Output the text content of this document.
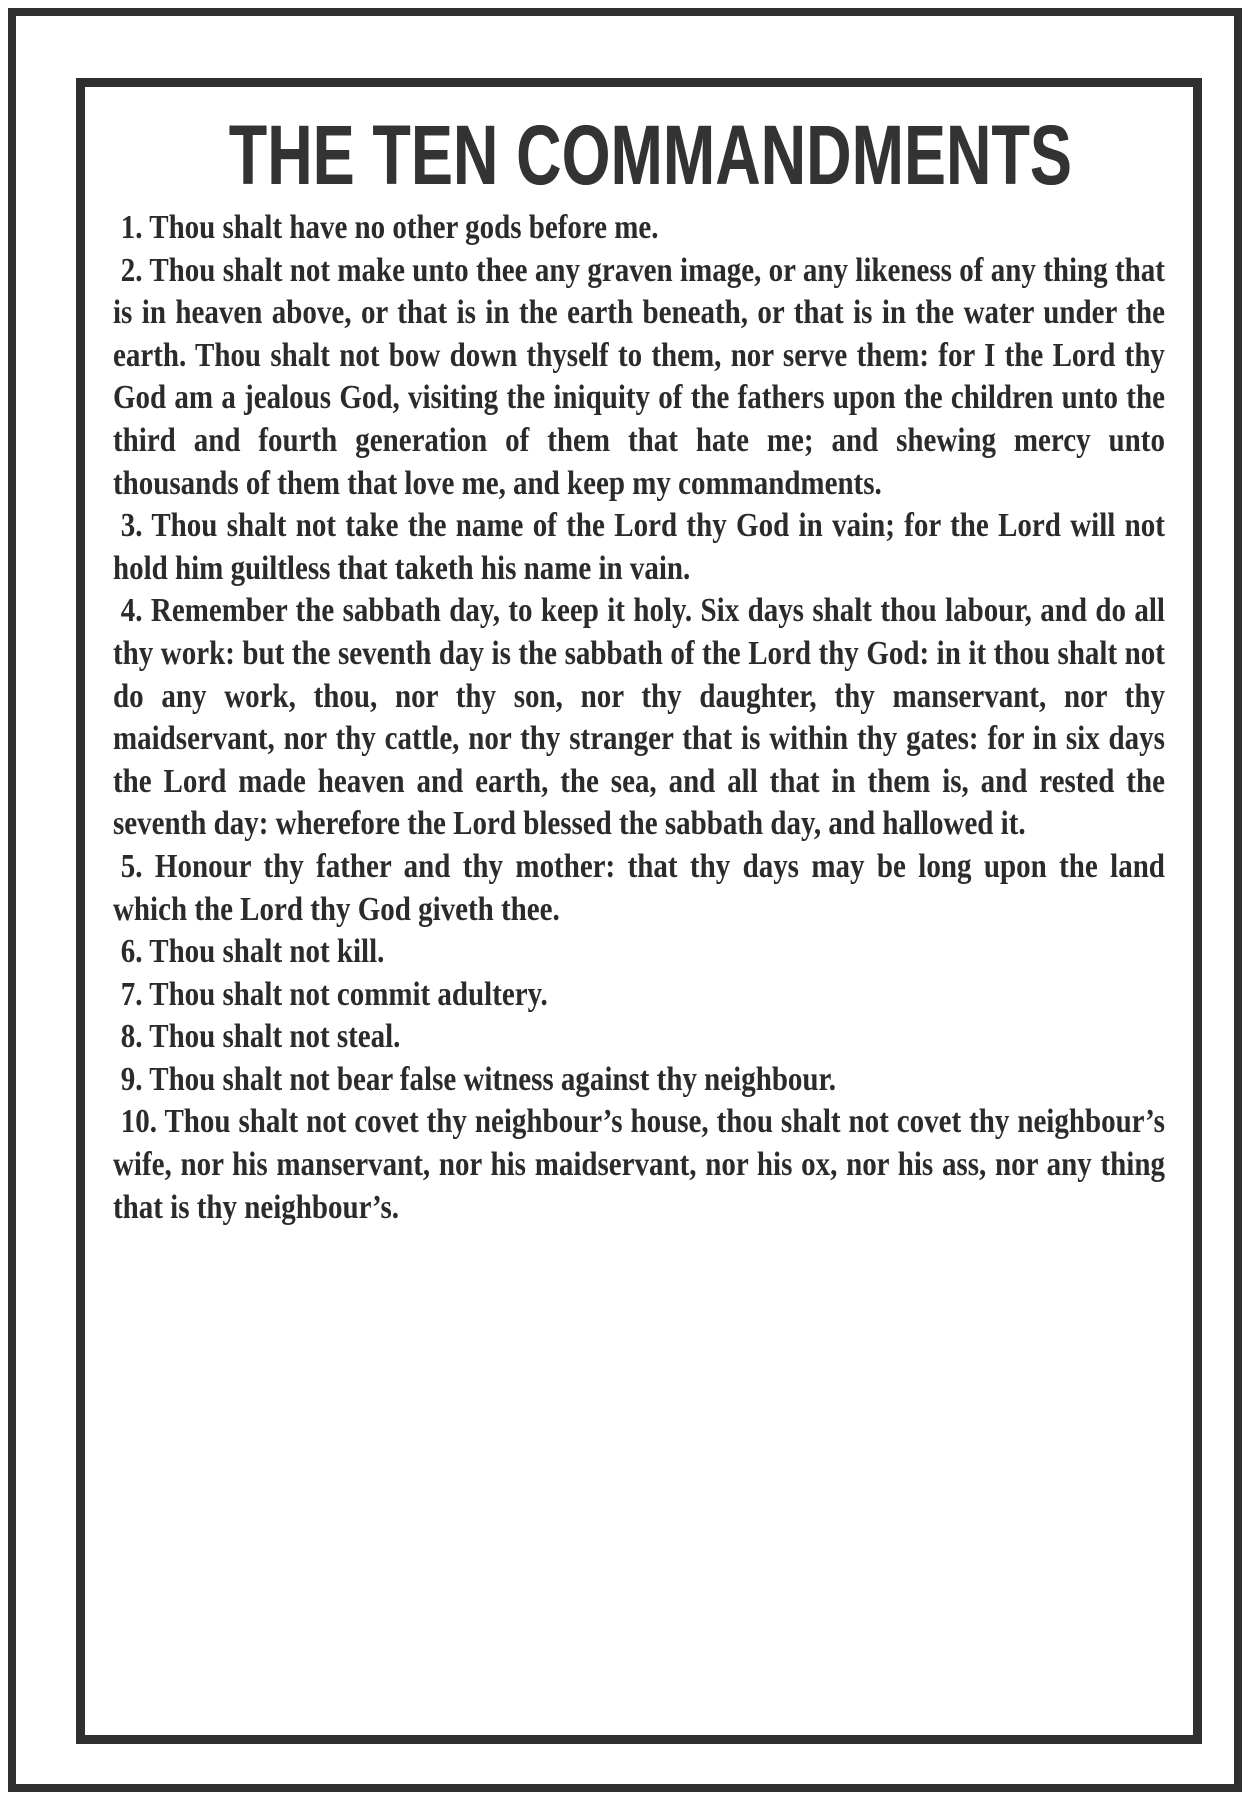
THE TEN COMMANDMENTS
1. Thou shalt have no other gods before me.
2. Thou shalt not make unto thee any graven image, or any likeness of any thing that is in heaven above, or that is in the earth beneath, or that is in the water under the earth. Thou shalt not bow down thyself to them, nor serve them: for I the Lord thy God am a jealous God, visiting the iniquity of the fathers upon the children unto the third and fourth generation of them that hate me; and shewing mercy unto thousands of them that love me, and keep my commandments.
3. Thou shalt not take the name of the Lord thy God in vain; for the Lord will not hold him guiltless that taketh his name in vain.
4. Remember the sabbath day, to keep it holy. Six days shalt thou labour, and do all thy work: but the seventh day is the sabbath of the Lord thy God: in it thou shalt not do any work, thou, nor thy son, nor thy daughter, thy manservant, nor thy maidservant, nor thy cattle, nor thy stranger that is within thy gates: for in six days the Lord made heaven and earth, the sea, and all that in them is, and rested the seventh day: wherefore the Lord blessed the sabbath day, and hallowed it.
5. Honour thy father and thy mother: that thy days may be long upon the land which the Lord thy God giveth thee.
6. Thou shalt not kill.
7. Thou shalt not commit adultery.
8. Thou shalt not steal.
9. Thou shalt not bear false witness against thy neighbour.
10. Thou shalt not covet thy neighbour’s house, thou shalt not covet thy neighbour’s wife, nor his manservant, nor his maidservant, nor his ox, nor his ass, nor any thing that is thy neighbour’s.
